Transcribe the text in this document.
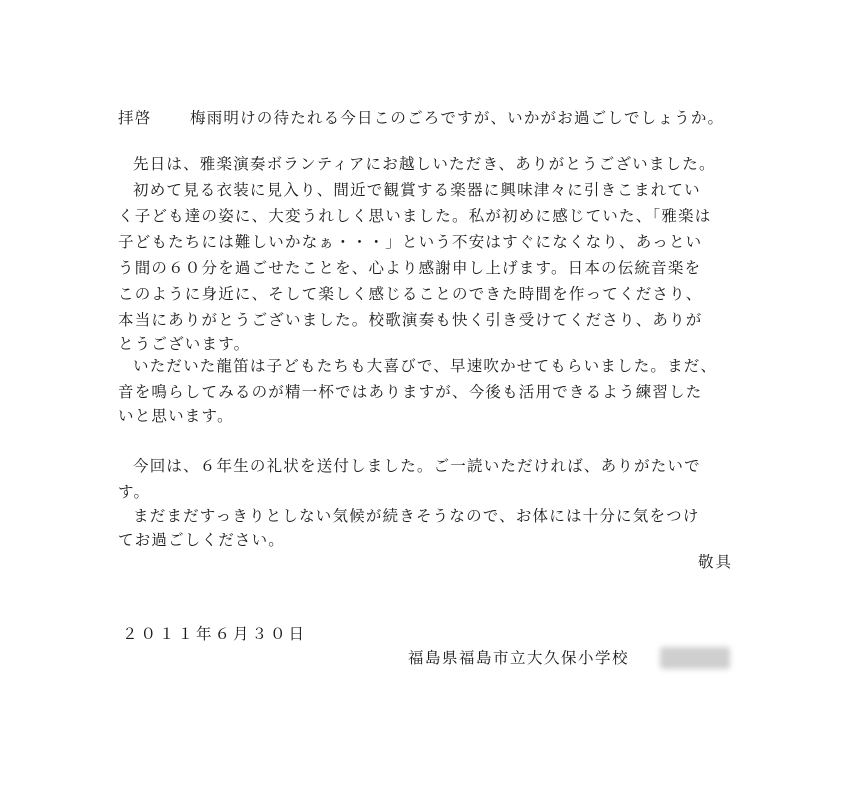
拝啓 梅雨明けの待たれる今日このごろですが、いかがお過ごしでしょうか。
先日は、雅楽演奏ボランティアにお越しいただき、ありがとうございました。
初めて見る衣装に見入り、間近で観賞する楽器に興味津々に引きこまれてい
く子ども達の姿に、大変うれしく思いました。私が初めに感じていた、「雅楽は
子どもたちには難しいかなぁ・・・」という不安はすぐになくなり、あっとい
う間の６０分を過ごせたことを、心より感謝申し上げます。日本の伝統音楽を
このように身近に、そして楽しく感じることのできた時間を作ってくださり、
本当にありがとうございました。校歌演奏も快く引き受けてくださり、ありが
とうございます。
いただいた龍笛は子どもたちも大喜びで、早速吹かせてもらいました。まだ、
音を鳴らしてみるのが精一杯ではありますが、今後も活用できるよう練習した
いと思います。
今回は、６年生の礼状を送付しました。ご一読いただければ、ありがたいで
す。
まだまだすっきりとしない気候が続きそうなので、お体には十分に気をつけ
てお過ごしください。
敬具
２０１１年６月３０日
福島県福島市立大久保小学校
